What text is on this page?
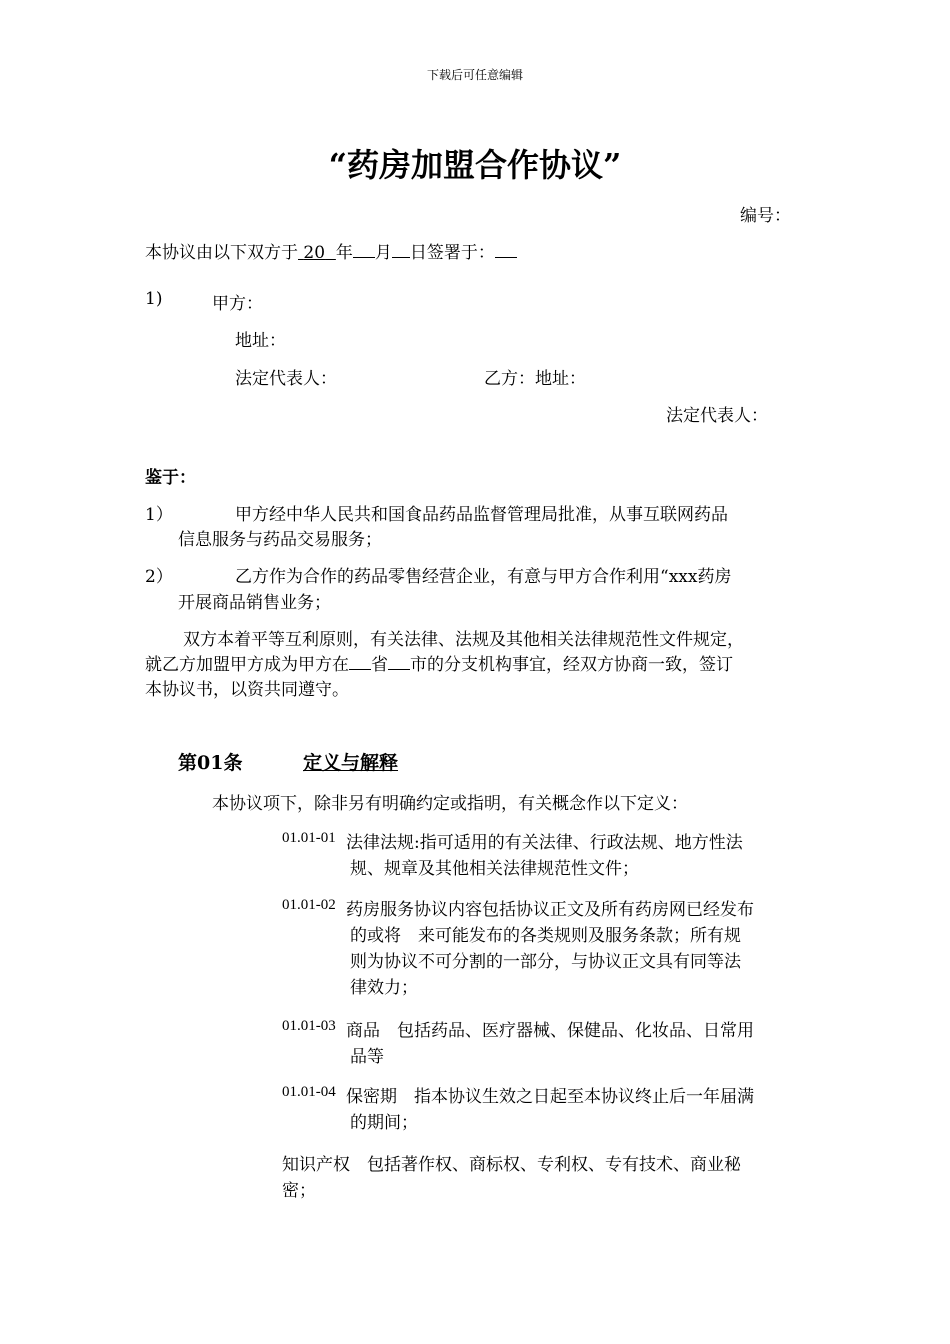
下载后可任意编辑
“药房加盟合作协议”
编号：
本协议由以下双方于 20 年 月 日签署于：
1)	甲方：
地址：
法定代表人：	乙方：地址：
法定代表人：
鉴于：
1）	甲方经中华人民共和国食品药品监督管理局批准，从事互联网药品
信息服务与药品交易服务；
2）	乙方作为合作的药品零售经营企业，有意与甲方合作利用“xxx药房
开展商品销售业务；
双方本着平等互利原则，有关法律、法规及其他相关法律规范性文件规定，
就乙方加盟甲方成为甲方在 省 市的分支机构事宜，经双方协商一致，签订
本协议书，以资共同遵守。
第01条	定义与解释
本协议项下，除非另有明确约定或指明，有关概念作以下定义：
01.01-01 法律法规:指可适用的有关法律、行政法规、地方性法
规、规章及其他相关法律规范性文件；
01.01-02 药房服务协议内容包括协议正文及所有药房网已经发布
的或将　来可能发布的各类规则及服务条款；所有规
则为协议不可分割的一部分，与协议正文具有同等法
律效力；
01.01-03 商品　包括药品、医疗器械、保健品、化妆品、日常用
品等
01.01-04 保密期　指本协议生效之日起至本协议终止后一年届满
的期间；
知识产权　包括著作权、商标权、专利权、专有技术、商业秘
密；
